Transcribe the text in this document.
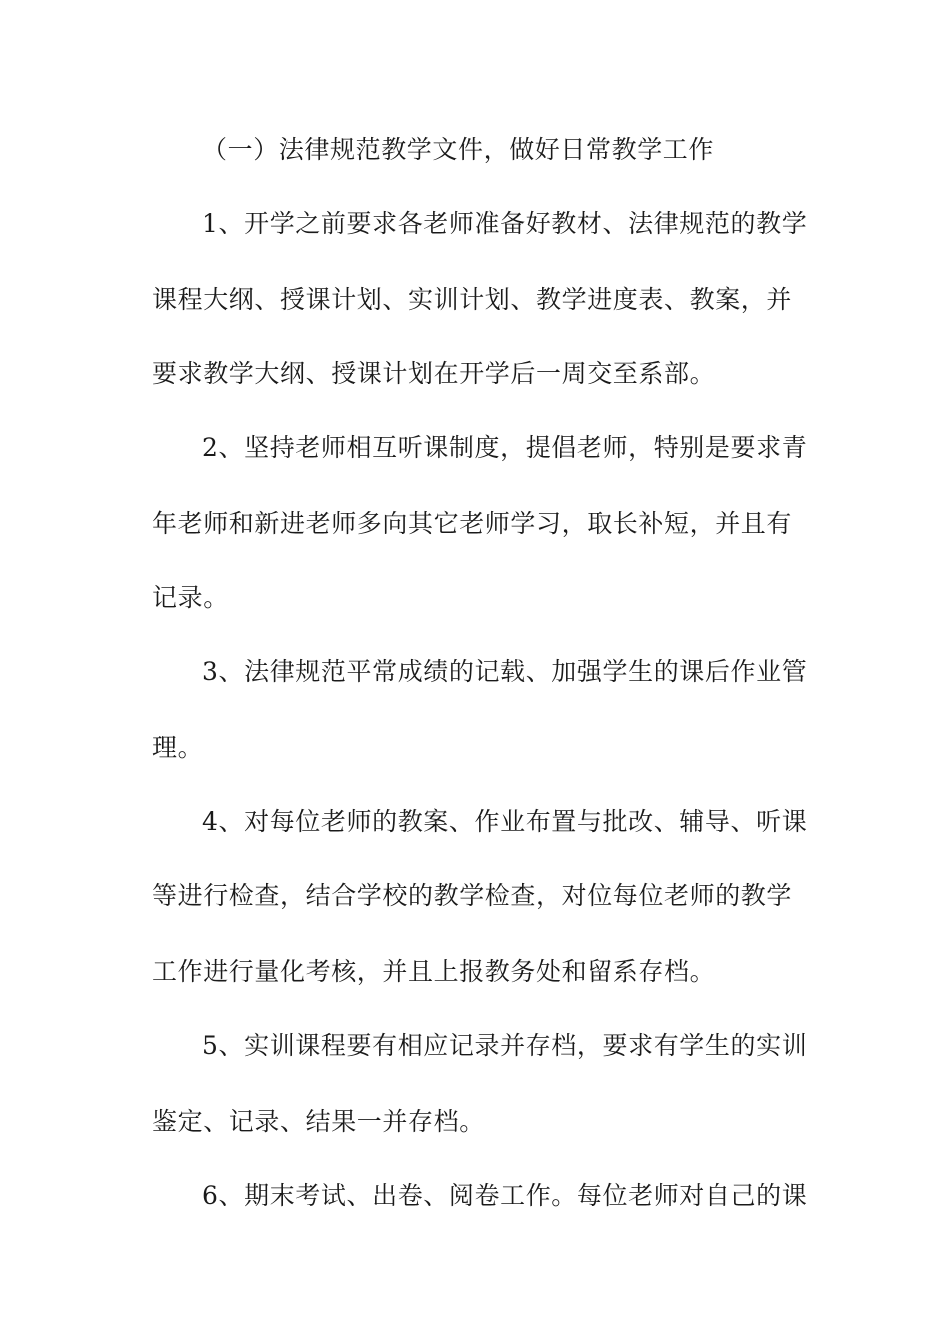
（一）法律规范教学文件，做好日常教学工作
1、开学之前要求各老师准备好教材、法律规范的教学
课程大纲、授课计划、实训计划、教学进度表、教案，并
要求教学大纲、授课计划在开学后一周交至系部。
2、坚持老师相互听课制度，提倡老师，特别是要求青
年老师和新进老师多向其它老师学习，取长补短，并且有
记录。
3、法律规范平常成绩的记载、加强学生的课后作业管
理。
4、对每位老师的教案、作业布置与批改、辅导、听课
等进行检查，结合学校的教学检查，对位每位老师的教学
工作进行量化考核，并且上报教务处和留系存档。
5、实训课程要有相应记录并存档，要求有学生的实训
鉴定、记录、结果一并存档。
6、期末考试、出卷、阅卷工作。每位老师对自己的课
